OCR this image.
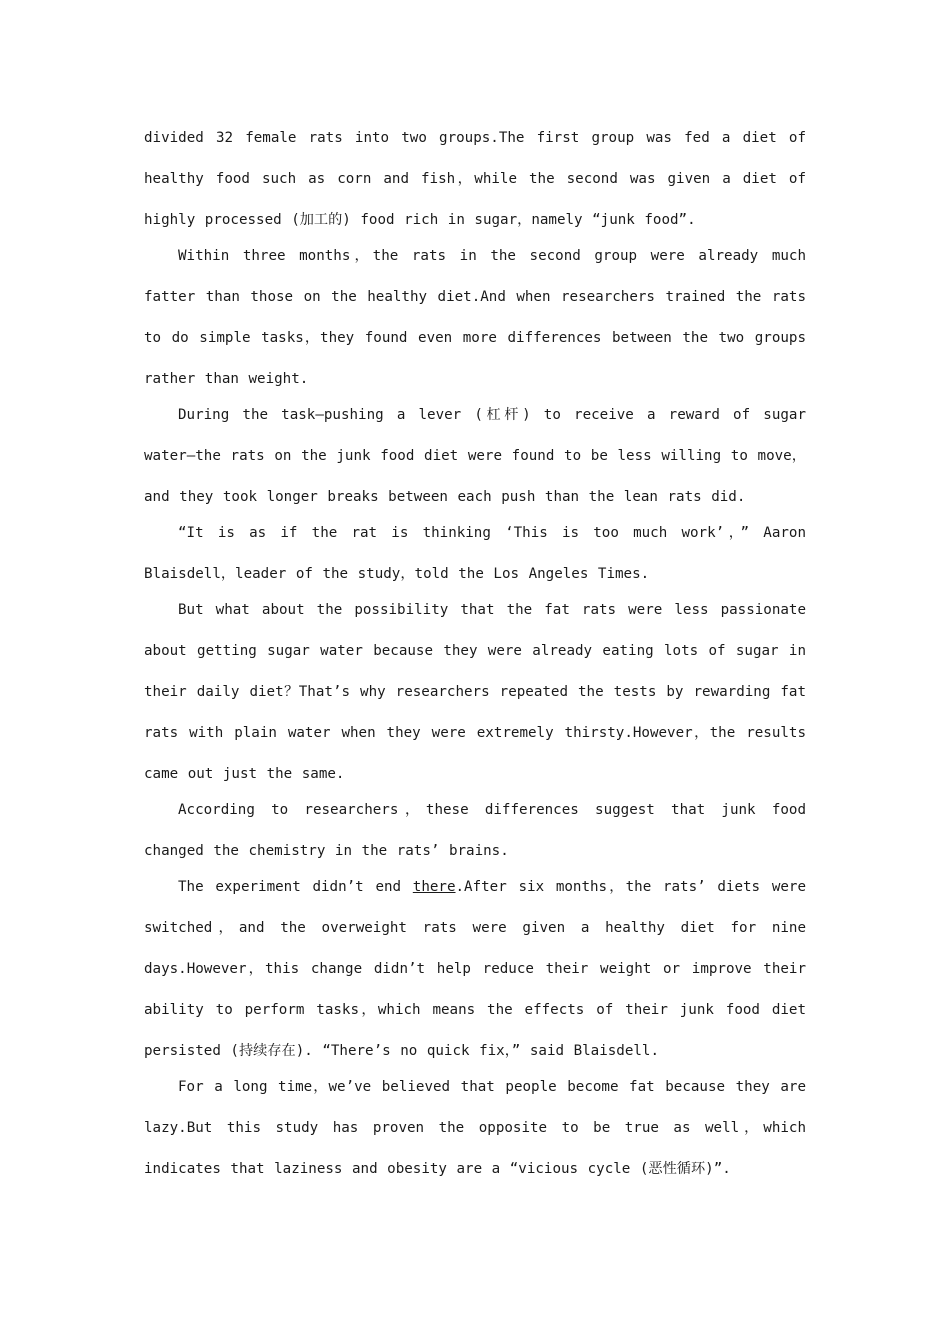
divided 32 female rats into two groups.The first group was fed a diet of healthy food such as corn and fish，while the second was given a diet of highly processed (加工的) food rich in sugar，namely “junk food”.

Within three months，the rats in the second group were already much fatter than those on the healthy diet.And when researchers trained the rats to do simple tasks，they found even more differences between the two groups rather than weight.

During the task—pushing a lever (杠杆) to receive a reward of sugar water—the rats on the junk food diet were found to be less willing to move，and they took longer breaks between each push than the lean rats did.

“It is as if the rat is thinking ‘This is too much work’，” Aaron Blaisdell，leader of the study，told the Los Angeles Times.

But what about the possibility that the fat rats were less passionate about getting sugar water because they were already eating lots of sugar in their daily diet？That’s why researchers repeated the tests by rewarding fat rats with plain water when they were extremely thirsty.However，the results came out just the same.

According to researchers，these differences suggest that junk food changed the chemistry in the rats’ brains.

The experiment didn’t end there.After six months，the rats’ diets were switched，and the overweight rats were given a healthy diet for nine days.However，this change didn’t help reduce their weight or improve their ability to perform tasks，which means the effects of their junk food diet persisted (持续存在). “There’s no quick fix，” said Blaisdell.

For a long time，we’ve believed that people become fat because they are lazy.But this study has proven the opposite to be true as well，which indicates that laziness and obesity are a “vicious cycle (恶性循环)”.
